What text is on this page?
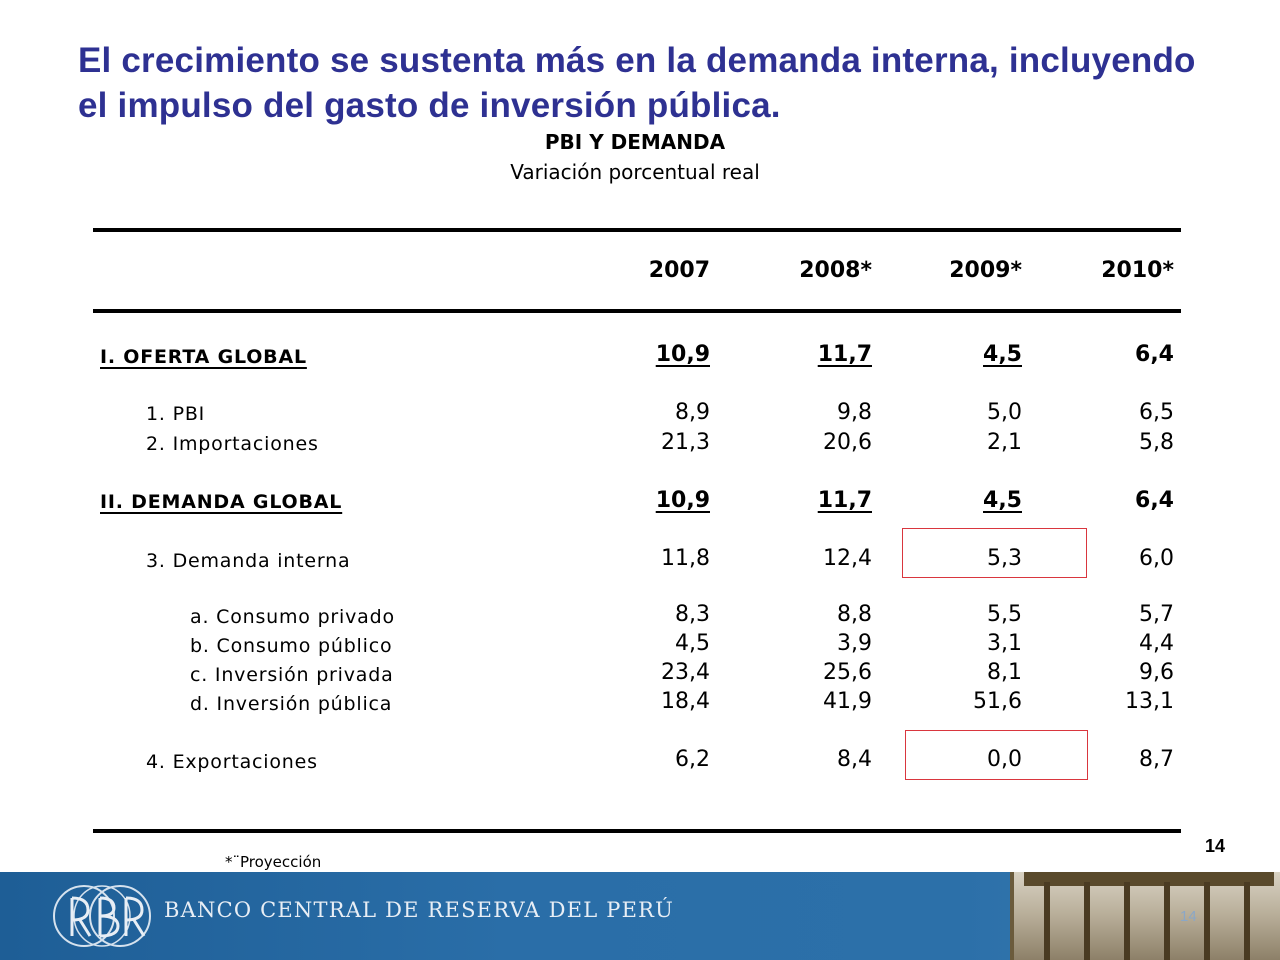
El crecimiento se sustenta más en la demanda interna, incluyendo el impulso del gasto de inversión pública.
PBI Y DEMANDA
Variación porcentual real
2007	2008*	2009*	2010*
I. OFERTA GLOBAL	10,9	11,7	4,5	6,4
1. PBI	8,9	9,8	5,0	6,5
2. Importaciones	21,3	20,6	2,1	5,8
II. DEMANDA GLOBAL	10,9	11,7	4,5	6,4
3. Demanda interna	11,8	12,4	5,3	6,0
a. Consumo privado	8,3	8,8	5,5	5,7
b. Consumo público	4,5	3,9	3,1	4,4
c. Inversión privada	23,4	25,6	8,1	9,6
d. Inversión pública	18,4	41,9	51,6	13,1
4. Exportaciones	6,2	8,4	0,0	8,7
14
*¨Proyección
BANCO CENTRAL DE RESERVA DEL PERÚ	14
